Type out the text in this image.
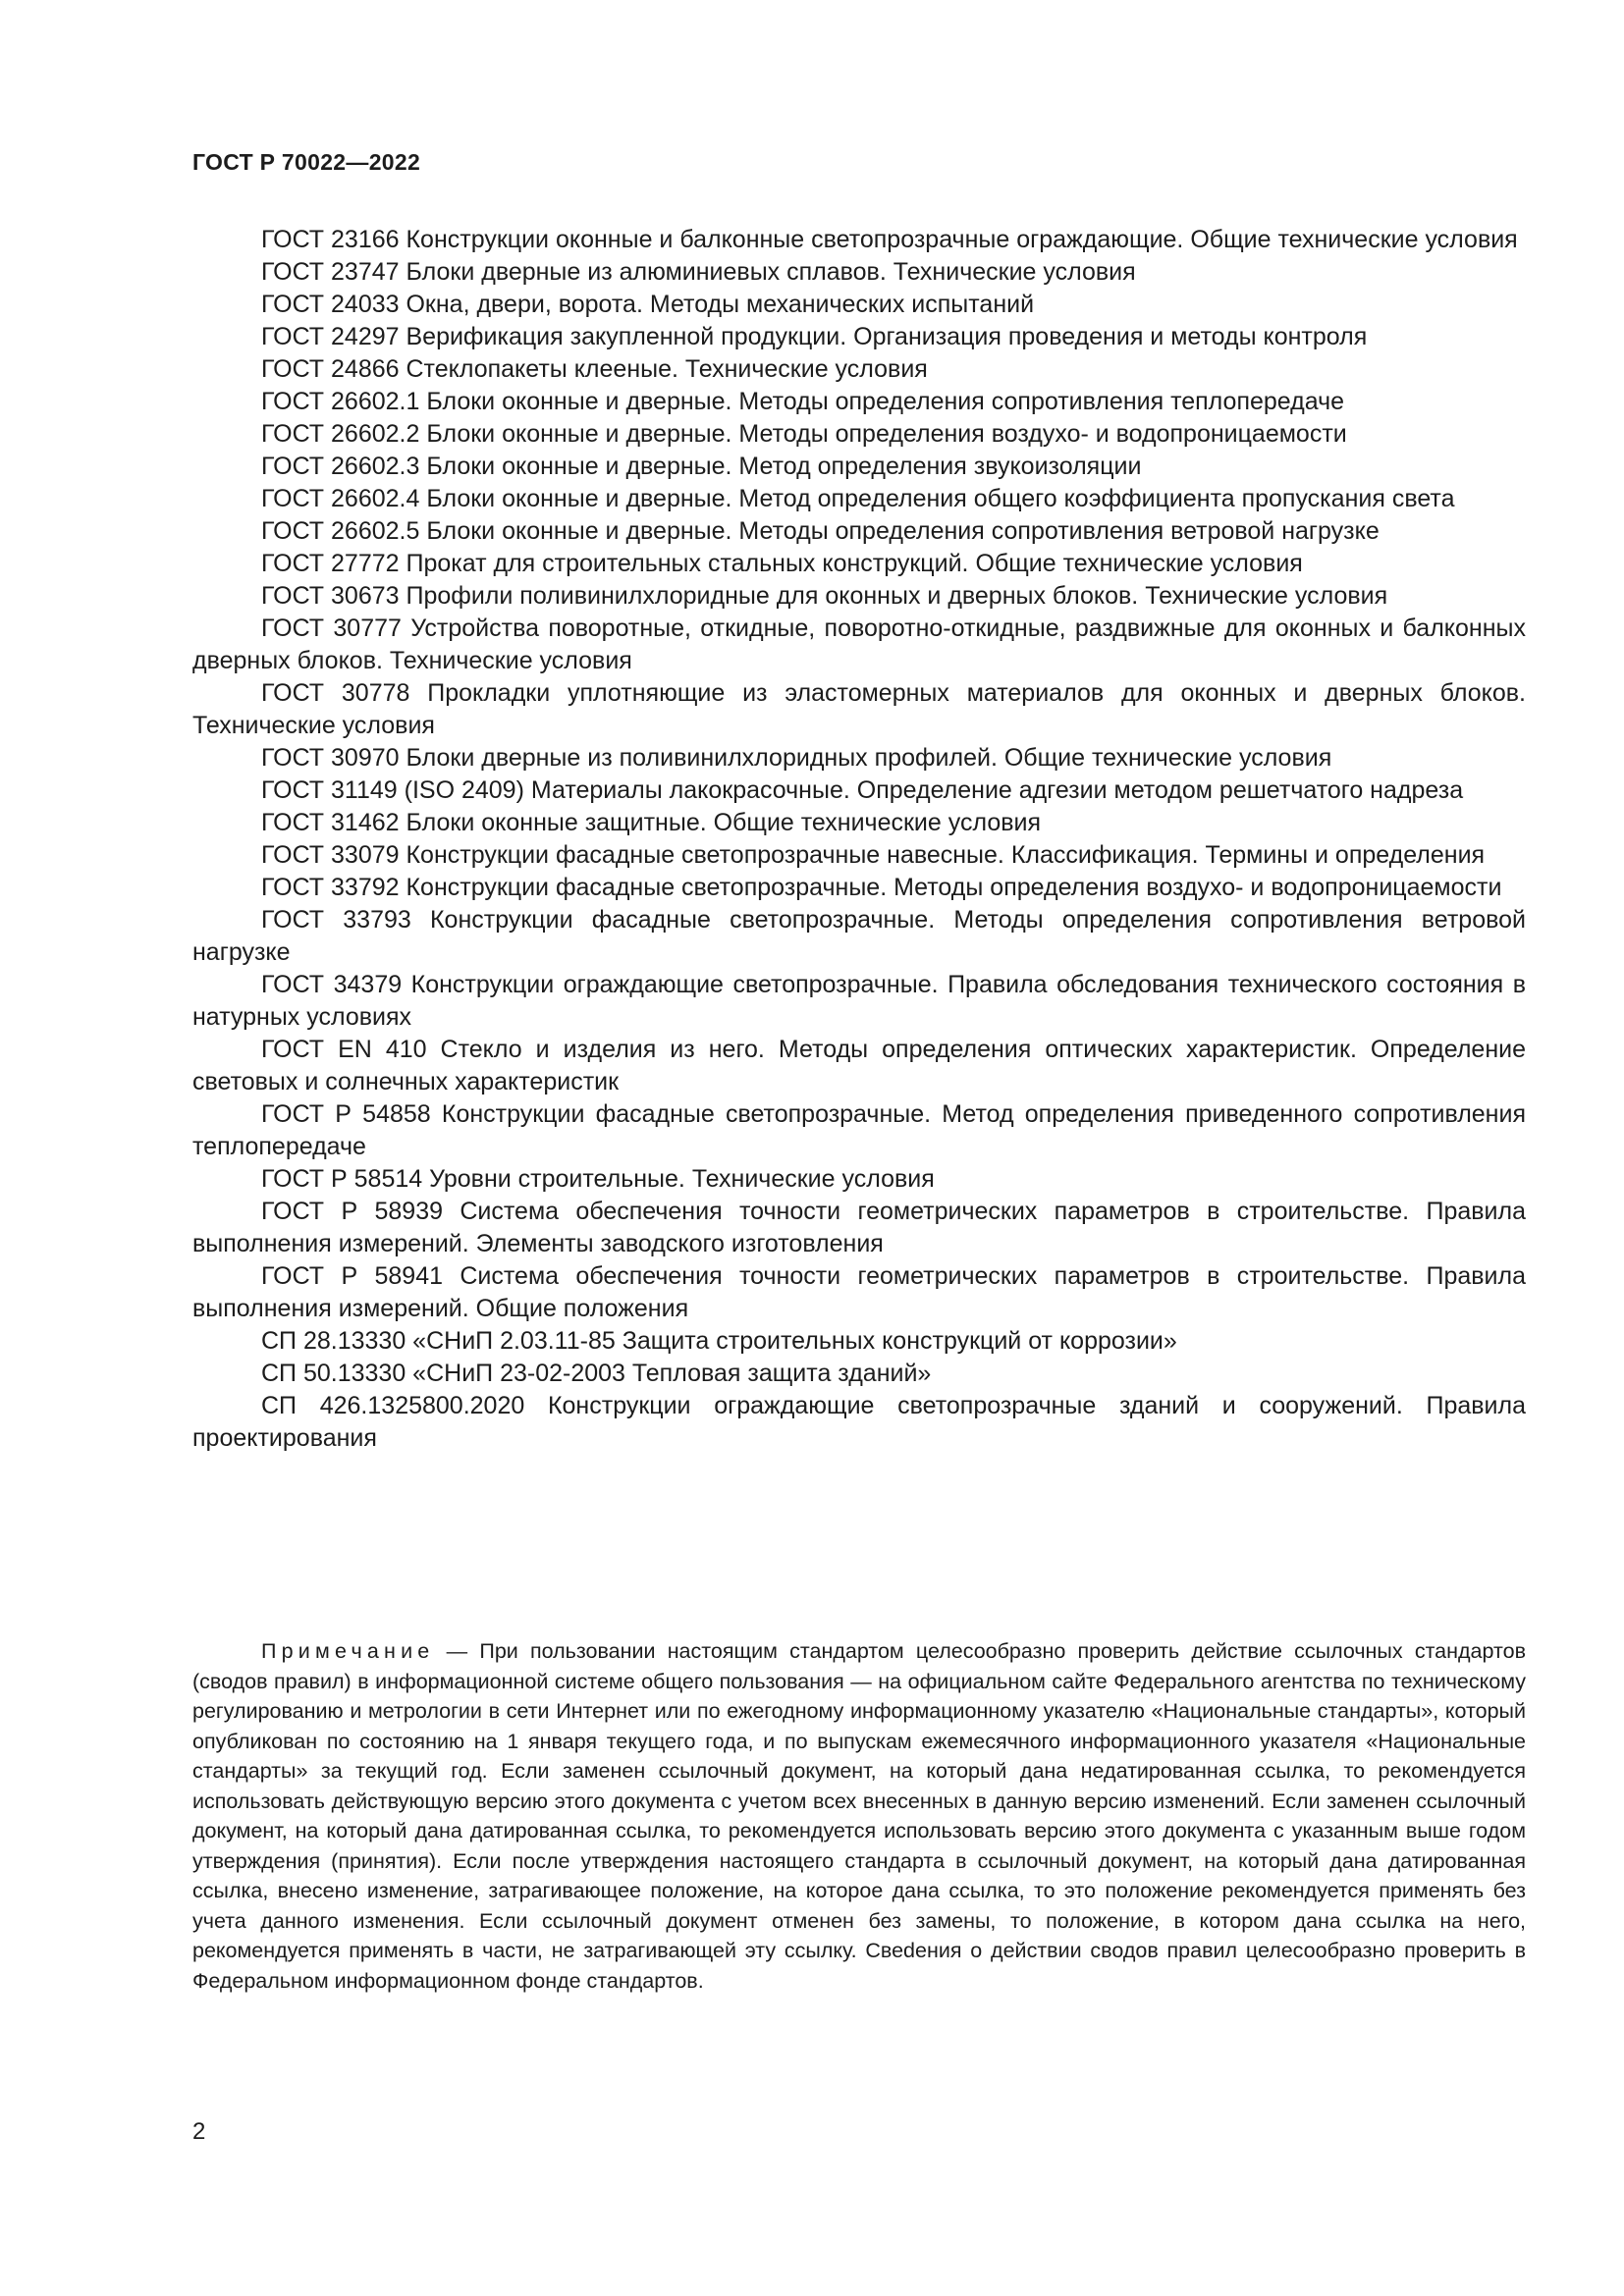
ГОСТ Р 70022—2022

ГОСТ 23166 Конструкции оконные и балконные светопрозрачные ограждающие. Общие технические условия

ГОСТ 23747 Блоки дверные из алюминиевых сплавов. Технические условия

ГОСТ 24033 Окна, двери, ворота. Методы механических испытаний

ГОСТ 24297 Верификация закупленной продукции. Организация проведения и методы контроля

ГОСТ 24866 Стеклопакеты клееные. Технические условия

ГОСТ 26602.1 Блоки оконные и дверные. Методы определения сопротивления теплопередаче

ГОСТ 26602.2 Блоки оконные и дверные. Методы определения воздухо- и водопроницаемости

ГОСТ 26602.3 Блоки оконные и дверные. Метод определения звукоизоляции

ГОСТ 26602.4 Блоки оконные и дверные. Метод определения общего коэффициента пропускания света

ГОСТ 26602.5 Блоки оконные и дверные. Методы определения сопротивления ветровой нагрузке

ГОСТ 27772 Прокат для строительных стальных конструкций. Общие технические условия

ГОСТ 30673 Профили поливинилхлоридные для оконных и дверных блоков. Технические условия

ГОСТ 30777 Устройства поворотные, откидные, поворотно-откидные, раздвижные для оконных и балконных дверных блоков. Технические условия

ГОСТ 30778 Прокладки уплотняющие из эластомерных материалов для оконных и дверных блоков. Технические условия

ГОСТ 30970 Блоки дверные из поливинилхлоридных профилей. Общие технические условия

ГОСТ 31149 (ISO 2409) Материалы лакокрасочные. Определение адгезии методом решетчатого надреза

ГОСТ 31462 Блоки оконные защитные. Общие технические условия

ГОСТ 33079 Конструкции фасадные светопрозрачные навесные. Классификация. Термины и определения

ГОСТ 33792 Конструкции фасадные светопрозрачные. Методы определения воздухо- и водопроницаемости

ГОСТ 33793 Конструкции фасадные светопрозрачные. Методы определения сопротивления ветровой нагрузке

ГОСТ 34379 Конструкции ограждающие светопрозрачные. Правила обследования технического состояния в натурных условиях

ГОСТ EN 410 Стекло и изделия из него. Методы определения оптических характеристик. Определение световых и солнечных характеристик

ГОСТ Р 54858 Конструкции фасадные светопрозрачные. Метод определения приведенного сопротивления теплопередаче

ГОСТ Р 58514 Уровни строительные. Технические условия

ГОСТ Р 58939 Система обеспечения точности геометрических параметров в строительстве. Правила выполнения измерений. Элементы заводского изготовления

ГОСТ Р 58941 Система обеспечения точности геометрических параметров в строительстве. Правила выполнения измерений. Общие положения

СП 28.13330 «СНиП 2.03.11-85 Защита строительных конструкций от коррозии»

СП 50.13330 «СНиП 23-02-2003 Тепловая защита зданий»

СП 426.1325800.2020 Конструкции ограждающие светопрозрачные зданий и сооружений. Правила проектирования

Примечание — При пользовании настоящим стандартом целесообразно проверить действие ссылочных стандартов (сводов правил) в информационной системе общего пользования — на официальном сайте Федерального агентства по техническому регулированию и метрологии в сети Интернет или по ежегодному информационному указателю «Национальные стандарты», который опубликован по состоянию на 1 января текущего года, и по выпускам ежемесячного информационного указателя «Национальные стандарты» за текущий год. Если заменен ссылочный документ, на который дана недатированная ссылка, то рекомендуется использовать действующую версию этого документа с учетом всех внесенных в данную версию изменений. Если заменен ссылочный документ, на который дана датированная ссылка, то рекомендуется использовать версию этого документа с указанным выше годом утверждения (принятия). Если после утверждения настоящего стандарта в ссылочный документ, на который дана датированная ссылка, внесено изменение, затрагивающее положение, на которое дана ссылка, то это положение рекомендуется применять без учета данного изменения. Если ссылочный документ отменен без замены, то положение, в котором дана ссылка на него, рекомендуется применять в части, не затрагивающей эту ссылку. Свеdения о действии сводов правил целесообразно проверить в Федеральном информационном фонде стандартов.

2
